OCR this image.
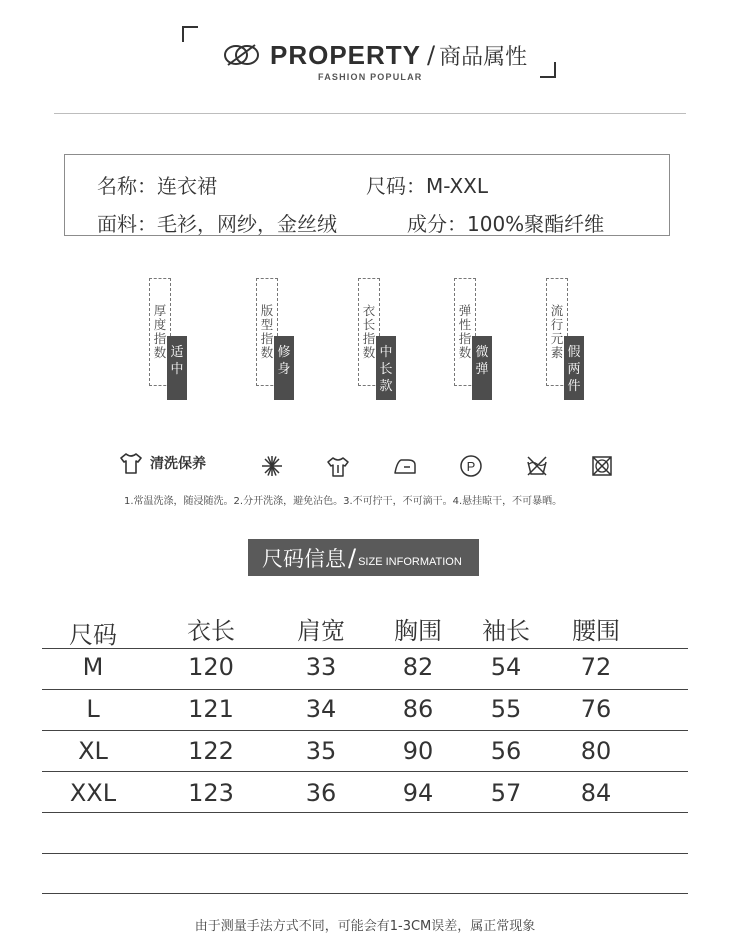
PROPERTY / 商品属性
FASHION POPULAR
名称：连衣裙	尺码：M-XXL
面料：毛衫，网纱，金丝绒	成分：100%聚酯纤维
厚度指数 适中
版型指数 修身
衣长指数 中长款
弹性指数 微弹
流行元素 假两件
清洗保养	P
1.常温洗涤，随浸随洗。2.分开洗涤，避免沾色。3.不可拧干，不可滴干。4.悬挂晾干，不可暴晒。
尺码信息 / SIZE INFORMATION
尺码	衣长	肩宽	胸围	袖长	腰围
M	120	33	82	54	72
L	121	34	86	55	76
XL	122	35	90	56	80
XXL	123	36	94	57	84
由于测量手法方式不同，可能会有1-3CM误差，属正常现象
